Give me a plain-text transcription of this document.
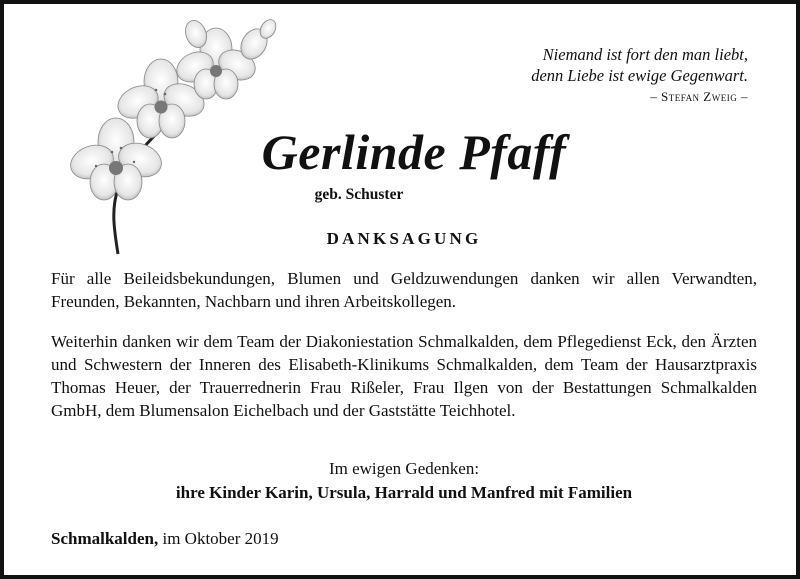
Niemand ist fort den man liebt,
denn Liebe ist ewige Gegenwart.
– Stefan Zweig –
Gerlinde Pfaff
geb. Schuster
DANKSAGUNG
Für alle Beileidsbekundungen, Blumen und Geldzuwendungen danken wir allen Verwandten, Freunden, Bekannten, Nachbarn und ihren Arbeitskollegen.
Weiterhin danken wir dem Team der Diakoniestation Schmalkalden, dem Pflegedienst Eck, den Ärzten und Schwestern der Inneren des Elisabeth-Klinikums Schmalkalden, dem Team der Hausarztpraxis Thomas Heuer, der Trauerrednerin Frau Rißeler, Frau Ilgen von der Bestattungen Schmalkalden GmbH, dem Blumensalon Eichelbach und der Gaststätte Teichhotel.
Im ewigen Gedenken:
ihre Kinder Karin, Ursula, Harrald und Manfred mit Familien
Schmalkalden, im Oktober 2019
